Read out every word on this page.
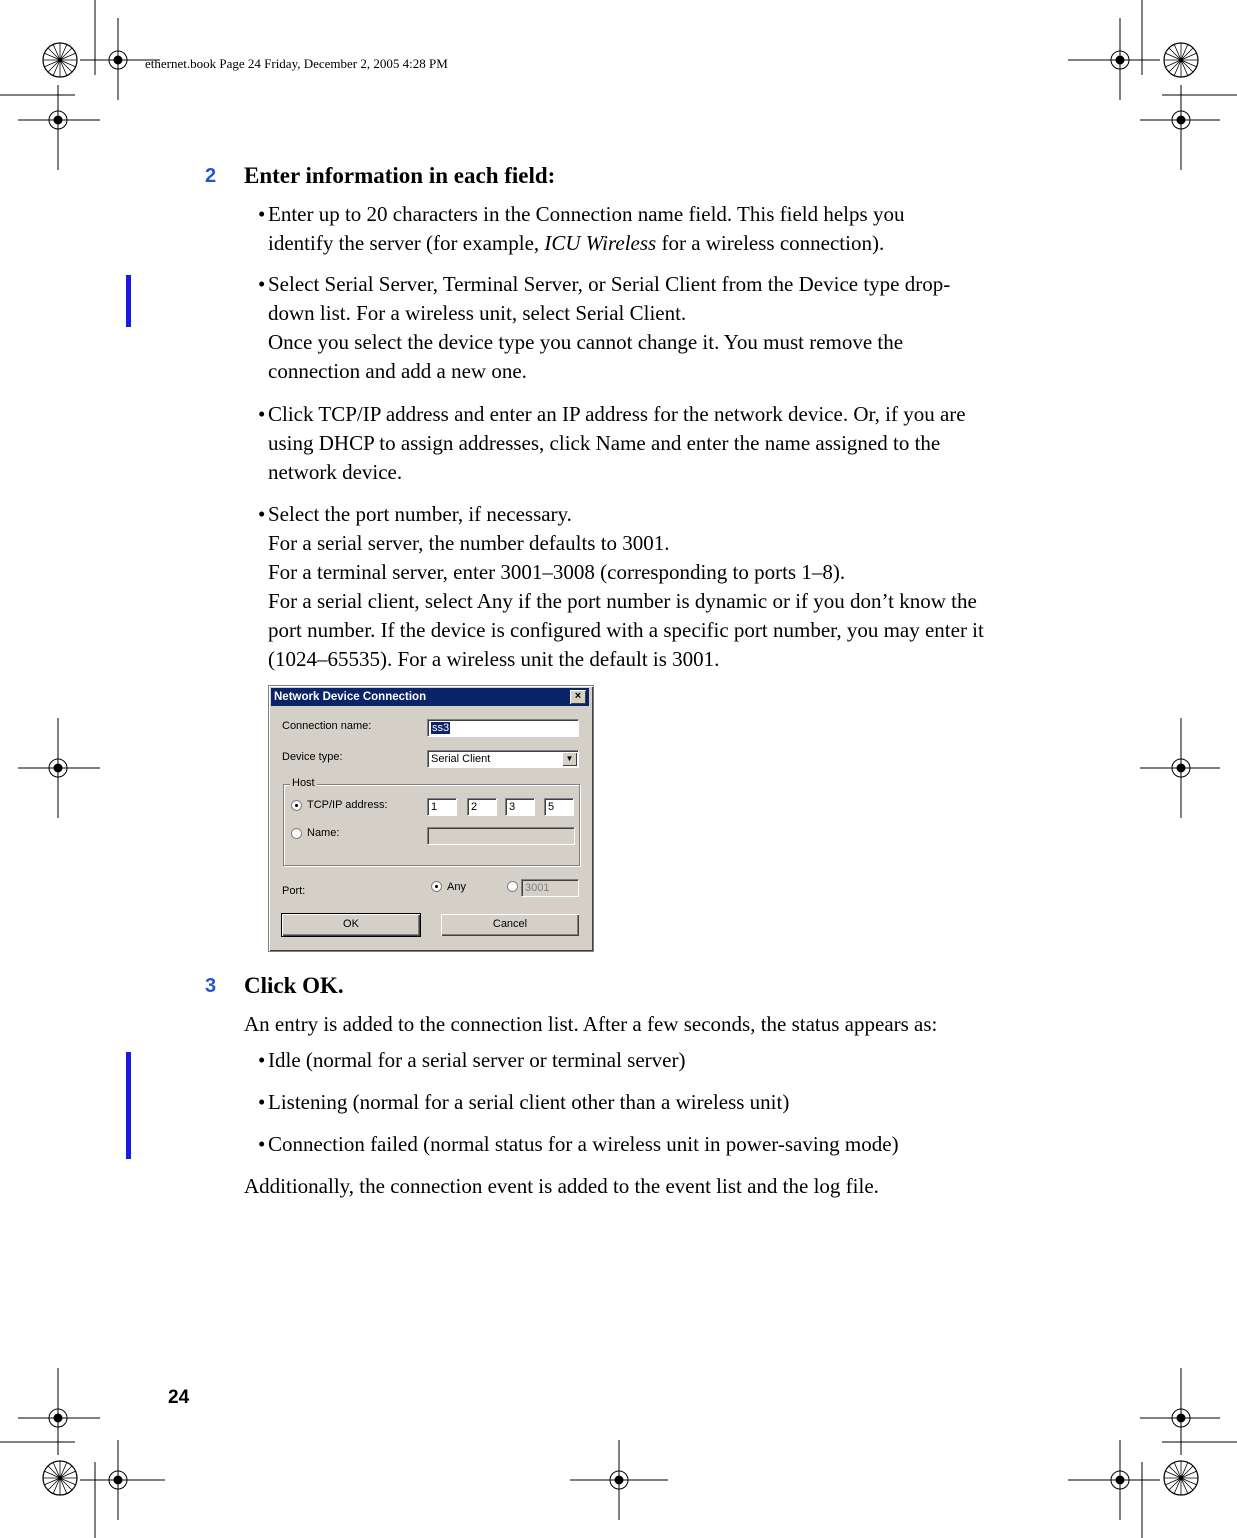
ethernet.book Page 24 Friday, December 2, 2005 4:28 PM
2 Enter information in each field:
• Enter up to 20 characters in the Connection name field. This field helps you
identify the server (for example, ICU Wireless for a wireless connection).
• Select Serial Server, Terminal Server, or Serial Client from the Device type drop-
down list. For a wireless unit, select Serial Client.
Once you select the device type you cannot change it. You must remove the
connection and add a new one.
• Click TCP/IP address and enter an IP address for the network device. Or, if you are
using DHCP to assign addresses, click Name and enter the name assigned to the
network device.
• Select the port number, if necessary.
For a serial server, the number defaults to 3001.
For a terminal server, enter 3001–3008 (corresponding to ports 1–8).
For a serial client, select Any if the port number is dynamic or if you don’t know the
port number. If the device is configured with a specific port number, you may enter it
(1024–65535). For a wireless unit the default is 3001.
Network Device Connection	×
Connection name:	ss3
Device type:	Serial Client	▼
Host
TCP/IP address:	1	2	3	5
Name:
Port:	Any	3001
OK	Cancel
3 Click OK.
An entry is added to the connection list. After a few seconds, the status appears as:
• Idle (normal for a serial server or terminal server)
• Listening (normal for a serial client other than a wireless unit)
• Connection failed (normal status for a wireless unit in power-saving mode)
Additionally, the connection event is added to the event list and the log file.
24
